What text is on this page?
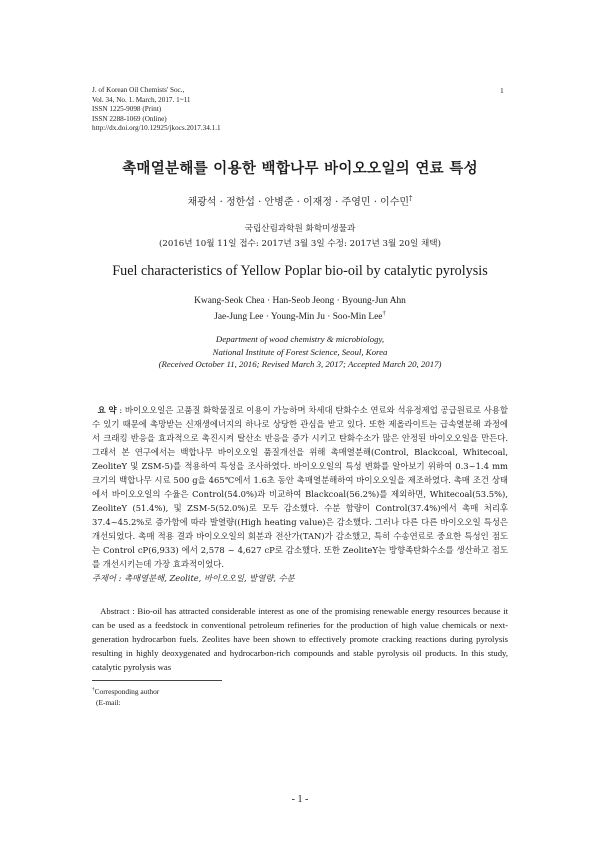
J. of Korean Oil Chemists' Soc.,
Vol. 34, No. 1. March, 2017. 1~11
ISSN 1225-9098 (Print)
ISSN 2288-1069 (Online)
http://dx.doi.org/10.12925/jkocs.2017.34.1.1
1
촉매열분해를 이용한 백합나무 바이오오일의 연료 특성
채광석 · 정한섭 · 안병준 · 이재정 · 주영민 · 이수민†
국립산림과학원 화학미생물과
(2016년 10월 11일 접수: 2017년 3월 3일 수정: 2017년 3월 20일 채택)
Fuel characteristics of Yellow Poplar bio-oil by catalytic pyrolysis
Kwang-Seok Chea · Han-Seob Jeong · Byoung-Jun Ahn
Jae-Jung Lee · Young-Min Ju · Soo-Min Lee†
Department of wood chemistry & microbiology,
National Institute of Forest Science, Seoul, Korea
(Received October 11, 2016; Revised March 3, 2017; Accepted March 20, 2017)
요 약 : 바이오오일은 고품질 화학물질로 이용이 가능하며 차세대 탄화수소 연료와 석유정제업 공급원료로 사용할 수 있기 때문에 촉망받는 신재생에너지의 하나로 상당한 관심을 받고 있다. 또한 제올라이트는 급속열분해 과정에서 크래킹 반응을 효과적으로 촉진시켜 탈산소 반응을 증가 시키고 탄화수소가 많은 안정된 바이오오일을 만든다. 그래서 본 연구에서는 백합나무 바이오오일 품질개선을 위해 촉매열분해(Control, Blackcoal, Whitecoal, ZeoliteY 및 ZSM-5)를 적용하여 특성을 조사하였다. 바이오오일의 특성 변화를 알아보기 위하여 0.3~1.4 mm 크기의 백합나무 시료 500 g을 465℃에서 1.6초 동안 촉매열분해하여 바이오오일을 제조하였다. 촉매 조건 상태에서 바이오오일의 수율은 Control(54.0%)과 비교하여 Blackcoal(56.2%)를 제외하면, Whitecoal(53.5%), ZeoliteY (51.4%), 및 ZSM-5(52.0%)로 모두 감소했다. 수분 함량이 Control(37.4%)에서 촉매 처리후 37.4~45.2%로 증가함에 따라 발열량((High heating value)은 감소했다. 그러나 다른 다른 바이오오일 특성은 개선되었다. 촉매 적용 결과 바이오오일의 회분과 전산가(TAN)가 감소했고, 특히 수송연료로 중요한 특성인 점도는 Control cP(6,933) 에서 2,578 ~ 4,627 cP로 감소했다. 또한 ZeoliteY는 방향족탄화수소를 생산하고 점도를 개선시키는데 가장 효과적이었다.
주제어 : 촉매열분해, Zeolite, 바이오오일, 발열량, 수분
Abstract : Bio-oil has attracted considerable interest as one of the promising renewable energy resources because it can be used as a feedstock in conventional petroleum refineries for the production of high value chemicals or next-generation hydrocarbon fuels. Zeolites have been shown to effectively promote cracking reactions during pyrolysis resulting in highly deoxygenated and hydrocarbon-rich compounds and stable pyrolysis oil products. In this study, catalytic pyrolysis was
†Corresponding author
(E-mail:
- 1 -
